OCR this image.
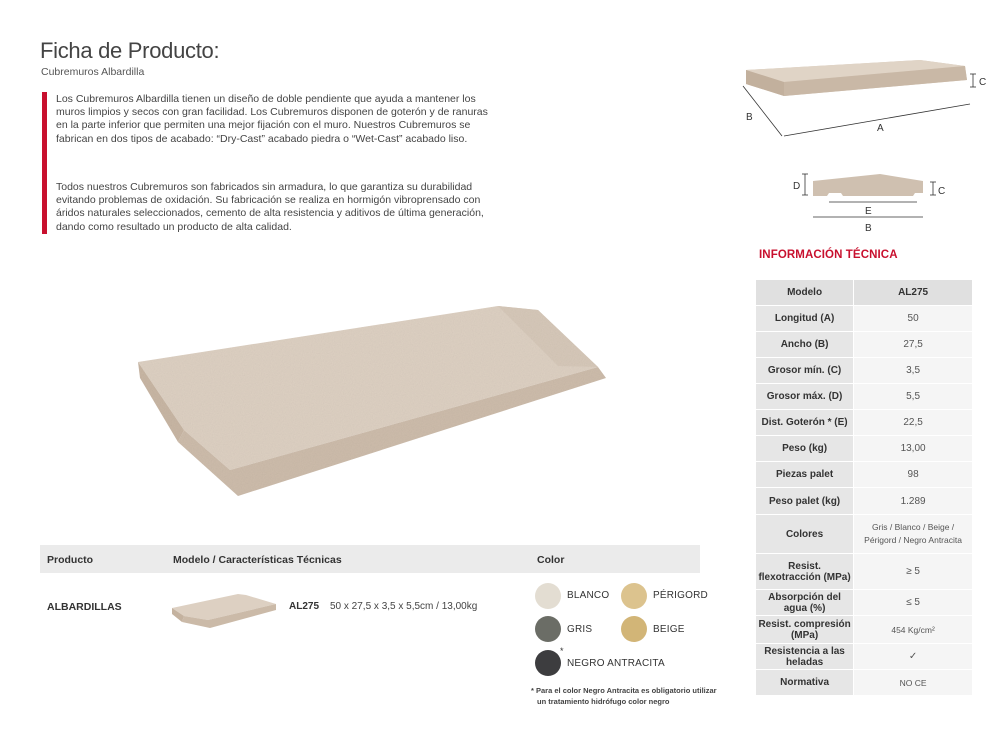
Ficha de Producto:
Cubremuros Albardilla
Los Cubremuros Albardilla tienen un diseño de doble pendiente que ayuda a mantener los muros limpios y secos con gran facilidad. Los Cubremuros disponen de goterón y de ranuras en la parte inferior que permiten una mejor fijación con el muro. Nuestros Cubremuros se fabrican en dos tipos de acabado: “Dry-Cast” acabado piedra o “Wet-Cast” acabado liso.
Todos nuestros Cubremuros son fabricados sin armadura, lo que garantiza su durabilidad evitando problemas de oxidación. Su fabricación se realiza en hormigón vibroprensado con áridos naturales seleccionados, cemento de alta resistencia y aditivos de última generación, dando como resultado un producto de alta calidad.
Producto	Modelo / Características Técnicas	Color
ALBARDILLAS	AL275 50 x 27,5 x 3,5 x 5,5cm / 13,00kg
BLANCO	PÉRIGORD
GRIS	BEIGE
*
NEGRO ANTRACITA
* Para el color Negro Antracita es obligatorio utilizar
un tratamiento hidrófugo color negro
B
A
C
D	C
E
B
INFORMACIÓN TÉCNICA
Modelo	AL275
Longitud (A)	50
Ancho (B)	27,5
Grosor mín. (C)	3,5
Grosor máx. (D)	5,5
Dist. Goterón * (E)	22,5
Peso (kg)	13,00
Piezas palet	98
Peso palet (kg)	1.289
Colores	Gris / Blanco / Beige / Périgord / Negro Antracita
Resist. flexotracción (MPa)	≥ 5
Absorpción del agua (%)	≤ 5
Resist. compresión (MPa)	454 Kg/cm²
Resistencia a las heladas	✓
Normativa	NO CE
